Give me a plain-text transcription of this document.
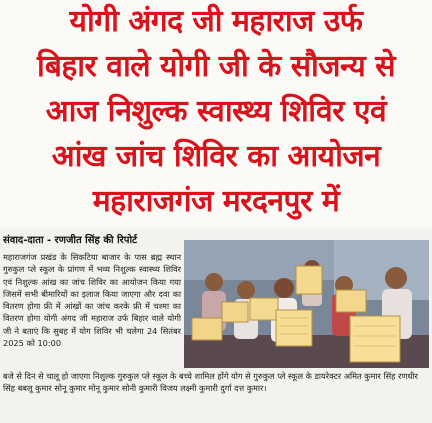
योगी अंगद जी महाराज उर्फ
बिहार वाले योगी जी के सौजन्य से
आज निशुल्क स्वास्थ्य शिविर एवं
आंख जांच शिविर का आयोजन
महाराजगंज मरदनपुर में
संवाद-दाता - रणजीत सिंह की रिपोर्ट
महाराजगंज प्रखंड के सिकटिया बाजार के पास ब्रह्म स्थान गुरुकुल प्ले स्कूल के प्रांगण में भव्य निशुल्क स्वास्थ्य शिविर एवं निशुल्क आंख का जांच शिविर का आयोजन किया गया जिसमें सभी बीमारियों का इलाज किया जाएगा और दवा का वितरण होगा फ्री में आंखों का जांच करके फ्री में चश्मा का वितरण होगा योगी अंगद जी महाराज उर्फ बिहार वाले योगी जी ने बताएं कि सुबह में योग शिविर भी चलेगा 24 सितंबर 2025 को 10:00
बजे से दिन से चालू हो जाएगा निशुल्क गुरुकुल प्ले स्कूल के बच्चे शामिल होंगे योग से गुरुकुल प्ले स्कूल के डायरेक्टर अमित कुमार सिंह रणधीर सिंह बबलू कुमार सोनू कुमार मोनू कुमार सोनी कुमारी विजय लक्ष्मी कुमारी दुर्गा दत्त कुमार।
